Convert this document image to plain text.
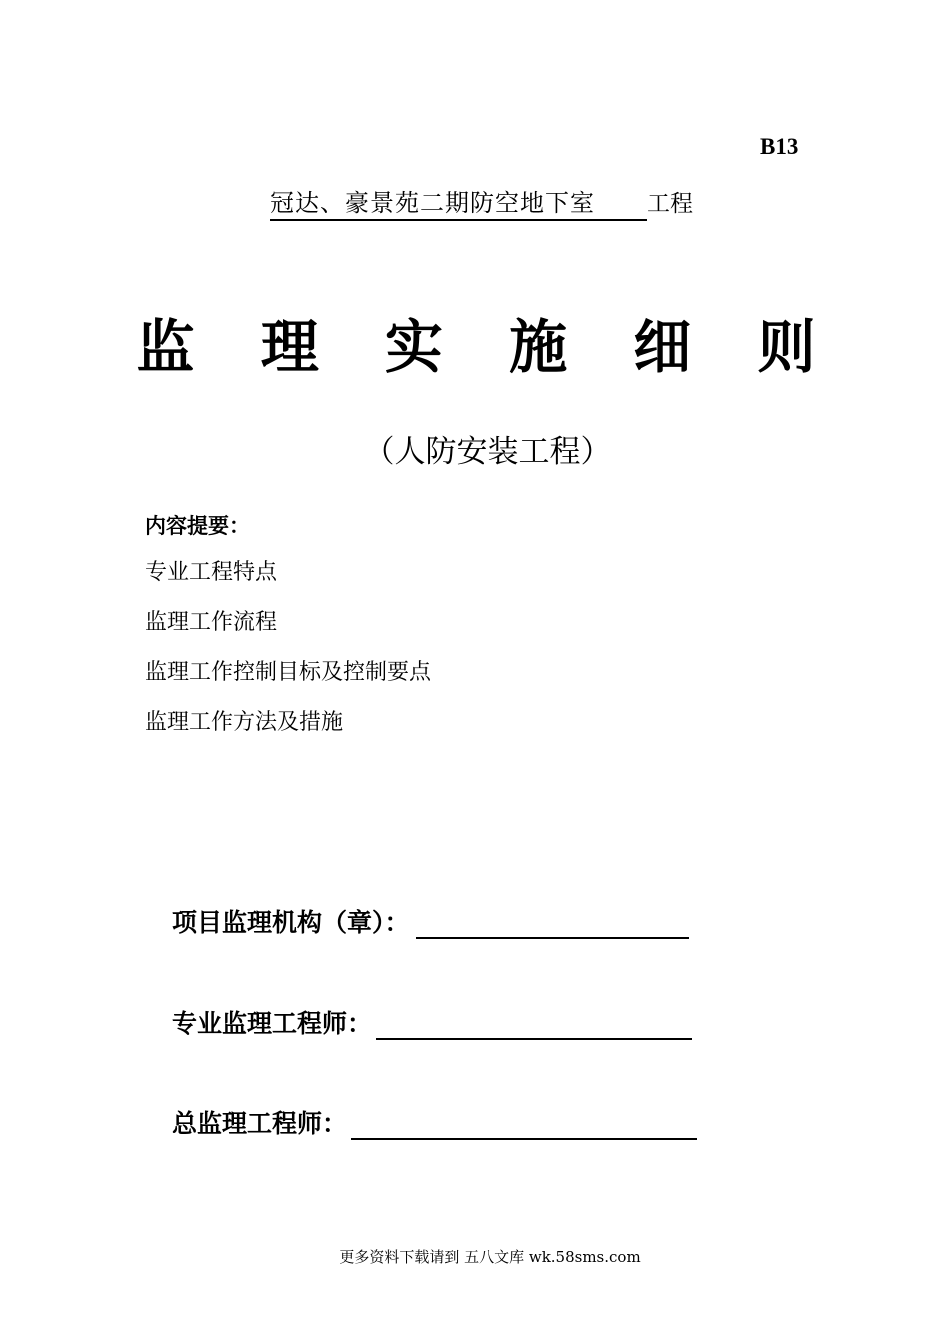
B13
冠达、豪景苑二期防空地下室 工程
监 理 实 施 细 则
（人防安装工程）
内容提要：
专业工程特点
监理工作流程
监理工作控制目标及控制要点
监理工作方法及措施
项目监理机构（章）：
专业监理工程师：
总监理工程师：
更多资料下载请到 五八文库 wk.58sms.com
